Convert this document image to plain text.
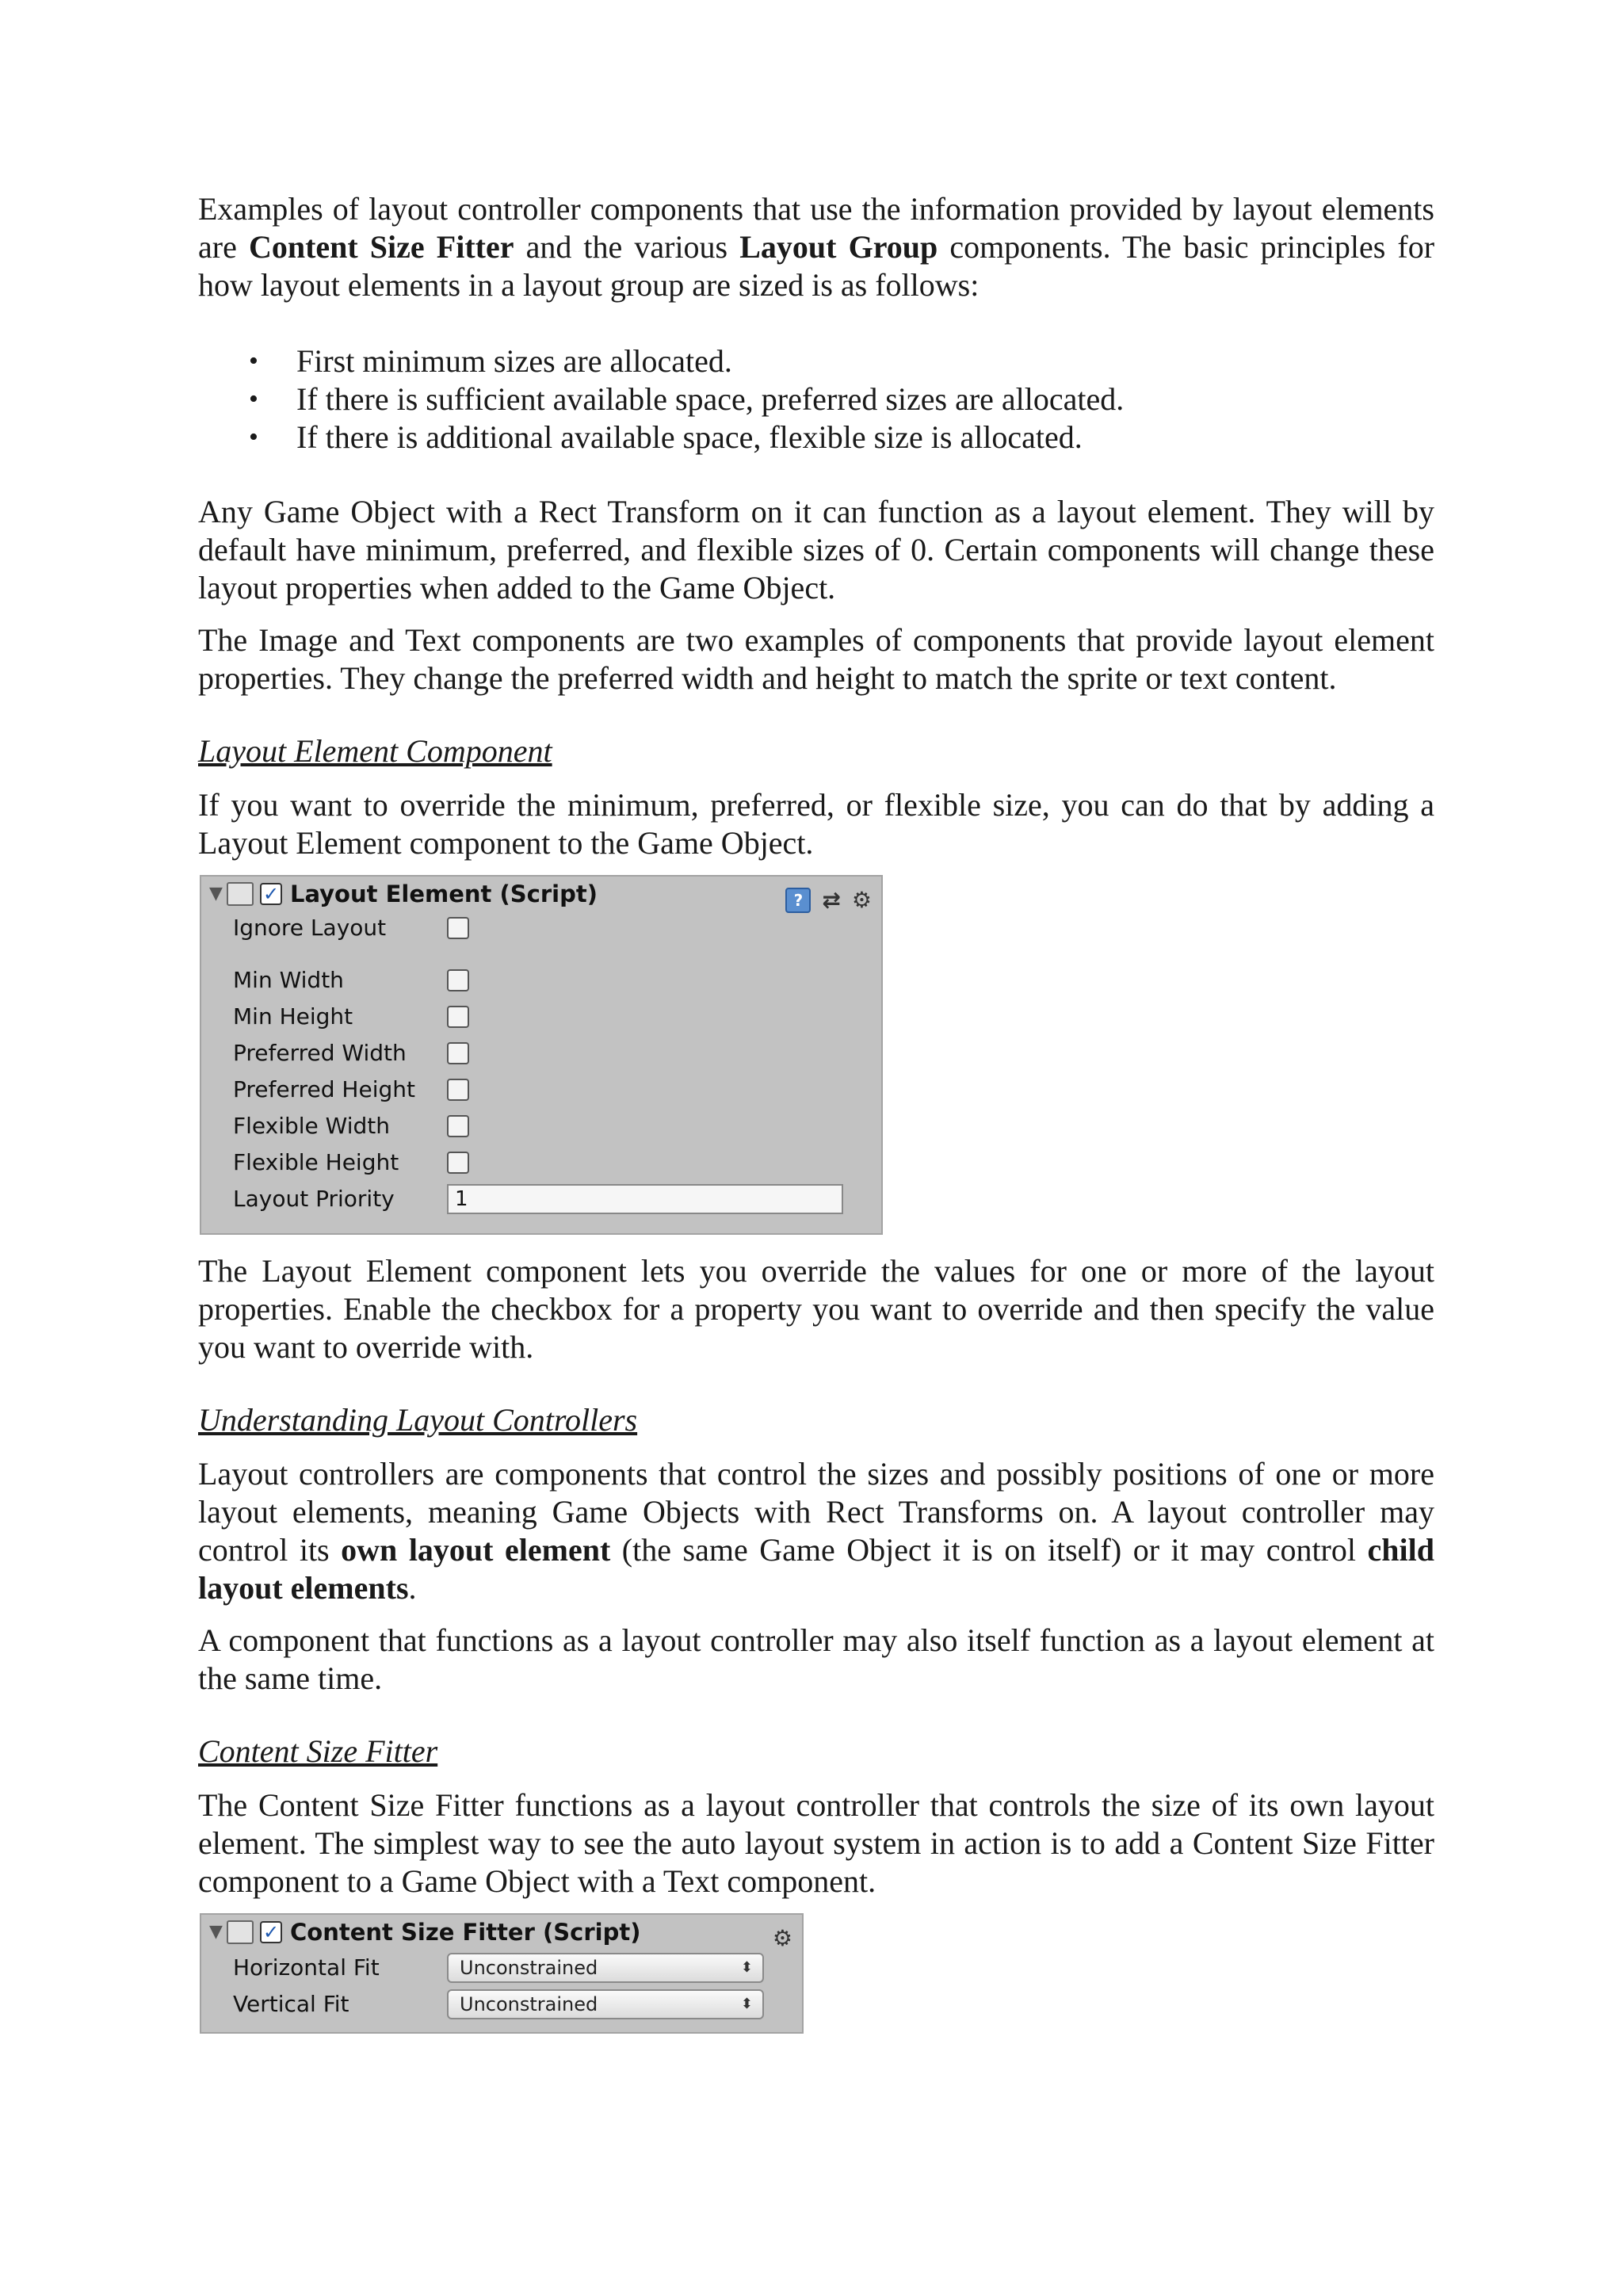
Examples of layout controller components that use the information provided by layout elements are Content Size Fitter and the various Layout Group components. The basic principles for how layout elements in a layout group are sized is as follows:

• First minimum sizes are allocated.
• If there is sufficient available space, preferred sizes are allocated.
• If there is additional available space, flexible size is allocated.

Any Game Object with a Rect Transform on it can function as a layout element. They will by default have minimum, preferred, and flexible sizes of 0. Certain components will change these layout properties when added to the Game Object.

The Image and Text components are two examples of components that provide layout element properties. They change the preferred width and height to match the sprite or text content.

Layout Element Component

If you want to override the minimum, preferred, or flexible size, you can do that by adding a Layout Element component to the Game Object.

▼ ✓ Layout Element (Script)	? ⇄ ⚙
Ignore Layout
Min Width
Min Height
Preferred Width
Preferred Height
Flexible Width
Flexible Height
Layout Priority	1

The Layout Element component lets you override the values for one or more of the layout properties. Enable the checkbox for a property you want to override and then specify the value you want to override with.

Understanding Layout Controllers

Layout controllers are components that control the sizes and possibly positions of one or more layout elements, meaning Game Objects with Rect Transforms on. A layout controller may control its own layout element (the same Game Object it is on itself) or it may control child layout elements.

A component that functions as a layout controller may also itself function as a layout element at the same time.

Content Size Fitter

The Content Size Fitter functions as a layout controller that controls the size of its own layout element. The simplest way to see the auto layout system in action is to add a Content Size Fitter component to a Game Object with a Text component.

▼ ✓ Content Size Fitter (Script)	⚙
Horizontal Fit	Unconstrained	⬍
Vertical Fit	Unconstrained	⬍
